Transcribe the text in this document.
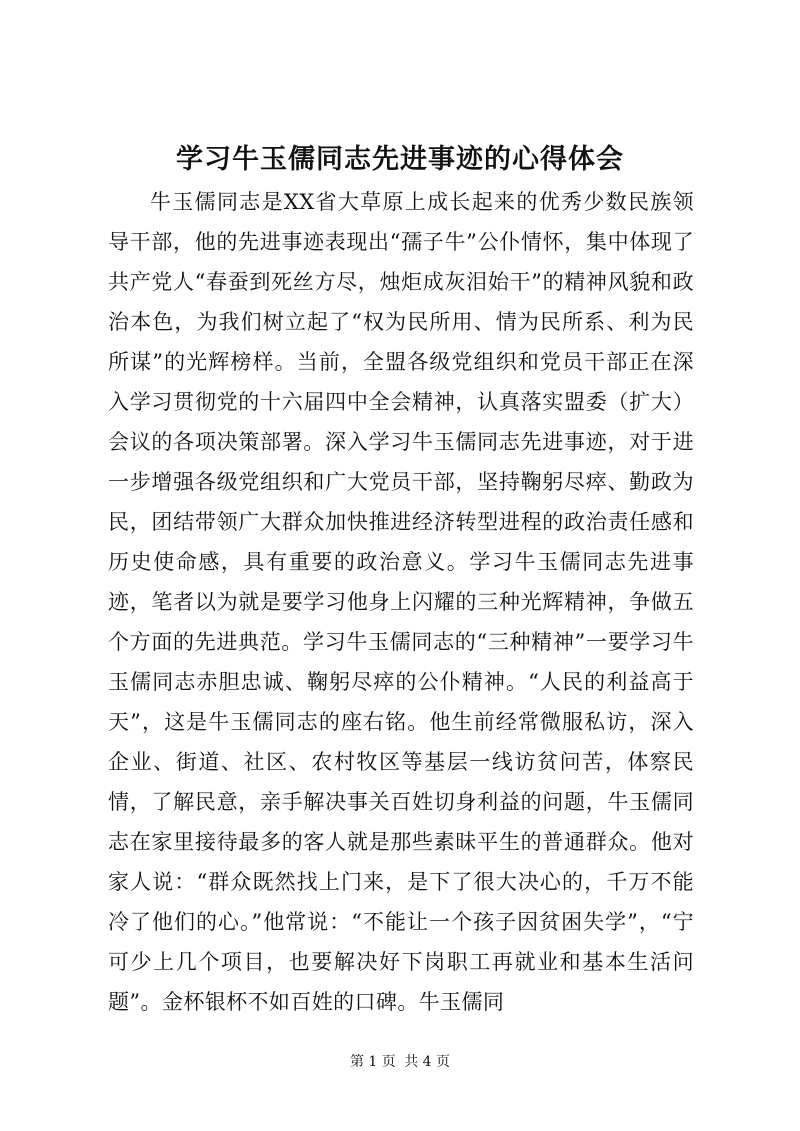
学习牛玉儒同志先进事迹的心得体会

牛玉儒同志是XX省大草原上成长起来的优秀少数民族领导干部，他的先进事迹表现出“孺子牛”公仆情怀，集中体现了共产党人“春蚕到死丝方尽，烛炬成灰泪始干”的精神风貌和政治本色，为我们树立起了“权为民所用、情为民所系、利为民所谋”的光辉榜样。当前，全盟各级党组织和党员干部正在深入学习贯彻党的十六届四中全会精神，认真落实盟委（扩大）会议的各项决策部署。深入学习牛玉儒同志先进事迹，对于进一步增强各级党组织和广大党员干部，坚持鞠躬尽瘁、勤政为民，团结带领广大群众加快推进经济转型进程的政治责任感和历史使命感，具有重要的政治意义。学习牛玉儒同志先进事迹，笔者以为就是要学习他身上闪耀的三种光辉精神，争做五个方面的先进典范。学习牛玉儒同志的“三种精神”一要学习牛玉儒同志赤胆忠诚、鞠躬尽瘁的公仆精神。“人民的利益高于天”，这是牛玉儒同志的座右铭。他生前经常微服私访，深入企业、街道、社区、农村牧区等基层一线访贫问苦，体察民情，了解民意，亲手解决事关百姓切身利益的问题，牛玉儒同志在家里接待最多的客人就是那些素昧平生的普通群众。他对家人说：“群众既然找上门来，是下了很大决心的，千万不能冷了他们的心。”他常说：“不能让一个孩子因贫困失学”，“宁可少上几个项目，也要解决好下岗职工再就业和基本生活问题”。金杯银杯不如百姓的口碑。牛玉儒同

第 1 页 共 4 页
